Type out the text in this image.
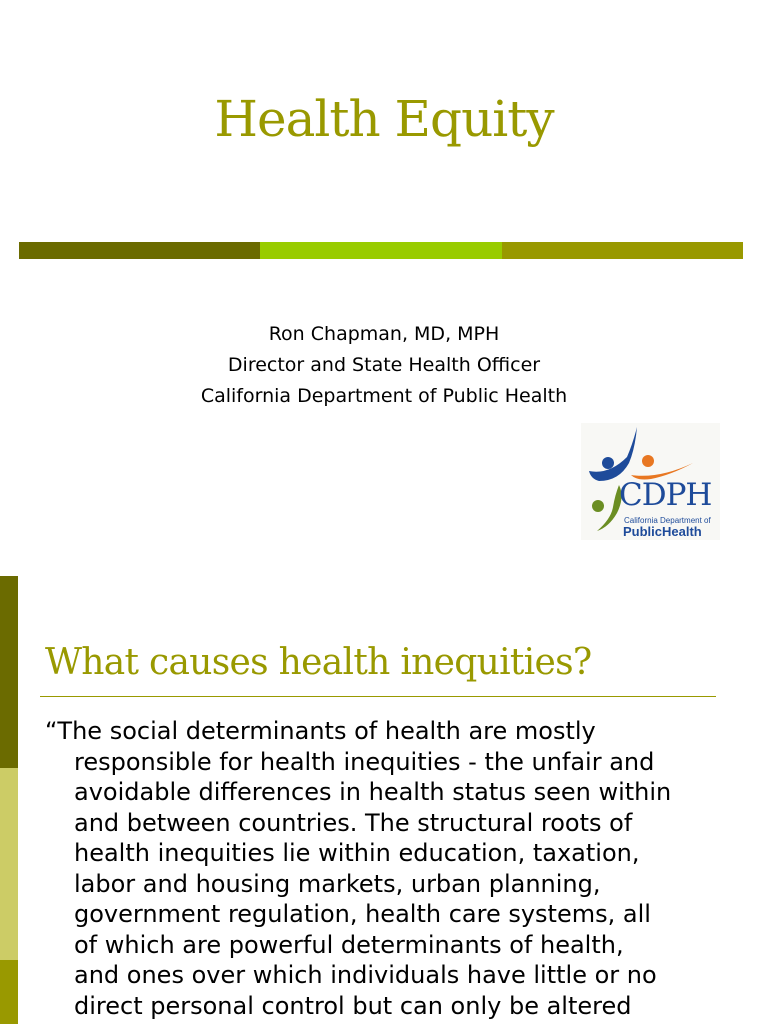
Health Equity
Ron Chapman, MD, MPH
Director and State Health Officer
California Department of Public Health
CDPH
California Department of
PublicHealth
What causes health inequities?
“The social determinants of health are mostly
responsible for health inequities - the unfair and
avoidable differences in health status seen within
and between countries. The structural roots of
health inequities lie within education, taxation,
labor and housing markets, urban planning,
government regulation, health care systems, all
of which are powerful determinants of health,
and ones over which individuals have little or no
direct personal control but can only be altered
